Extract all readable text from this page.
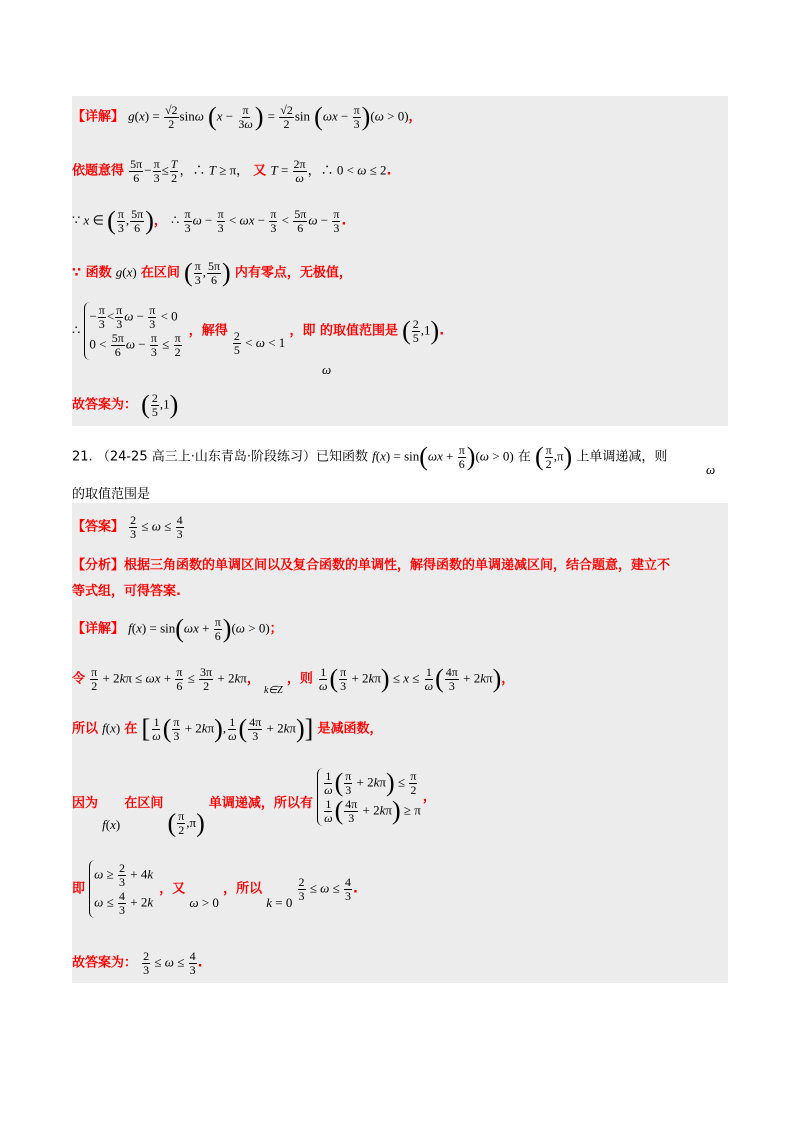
【详解】 $g(x) = \frac{√2}{2}$ sinω ($x - \frac{\pi}{3\omega}$ ) = $\frac{√2}{2}$ $\sin (\omega x - \frac{\pi}{3} )(\omega > 0)$，
依题意得 $\frac{5\pi}{6} - \frac{\pi}{3} \le \frac{T}{2}$ ，∴ T ≥ π， 又 $T = \frac{2\pi}{\omega}$ ，∴ 0 < ω ≤ 2.
∵ x ∈ ( $\frac{\pi}{3}$ , $\frac{5\pi}{6}$ )， ∴ $\frac{\pi}{3}$ $\omega - \frac{\pi}{3} < \omega x - \frac{\pi}{3} < \frac{5\pi}{6}$ $\omega - \frac{\pi}{3}$ .
∵ 函数 g(x) 在区间 ( $\frac{\pi}{3}$ , $\frac{5\pi}{6}$ ) 内有零点，无极值，
∴
− $\frac{\pi}{3} < \frac{\pi}{3}$ $\omega - \frac{\pi}{3} < 0$
$0 < \frac{5\pi}{6}$ $\omega - \frac{\pi}{3} \le \frac{\pi}{2}$
，解得 $\frac{2}{5} < \omega < 1$ ，即 的取值范围是 ( $\frac{2}{5} ,1$).
ω
故答案为： ( $\frac{2}{5} ,1$)
21. （24-25 高三上·山东青岛·阶段练习）已知函数 $f(x) = \sin(\omega x + \frac{\pi}{6} )(\omega > 0)$ 在 ( $\frac{\pi}{2} ,\pi$) 上单调递减，则
ω
的取值范围是
【答案】 $\frac{2}{3} \le \omega \le \frac{4}{3}$
【分析】根据三角函数的单调区间以及复合函数的单调性，解得函数的单调递减区间，结合题意，建立不
等式组，可得答案.
【详解】 $f(x) = \sin(\omega x + \frac{\pi}{6} )(\omega > 0)$；
令 $\frac{\pi}{2} + 2k\pi \le \omega x + \frac{\pi}{6} \le \frac{3\pi}{2} + 2k\pi$， $_{k\in Z}$ ，则 $\frac{1}{\omega}$ ( $\frac{\pi}{3} + 2k\pi) \le x \le \frac{1}{\omega}$ ( $\frac{4\pi}{3} + 2k\pi$)，
所以 f(x) 在 [ $\frac{1}{\omega}$ ( $\frac{\pi}{3} + 2k\pi$), $\frac{1}{\omega}$ ( $\frac{4\pi}{3} + 2k\pi$)] 是减函数，
因为 f(x) 在区间 ( $\frac{\pi}{2} ,\pi$) 单调递减，所以有
$\frac{1}{\omega}$ ( $\frac{\pi}{3} + 2k\pi) \le \frac{\pi}{2}$
$\frac{1}{\omega}$ ( $\frac{4\pi}{3} + 2k\pi) \ge \pi$
，
即
$\omega \ge \frac{2}{3} + 4k$
$\omega \le \frac{4}{3} + 2k$
，又 ω > 0 ，所以 $k = 0 \frac{2}{3} \le \omega \le \frac{4}{3}$ .
故答案为： $\frac{2}{3} \le \omega \le \frac{4}{3}$ .
